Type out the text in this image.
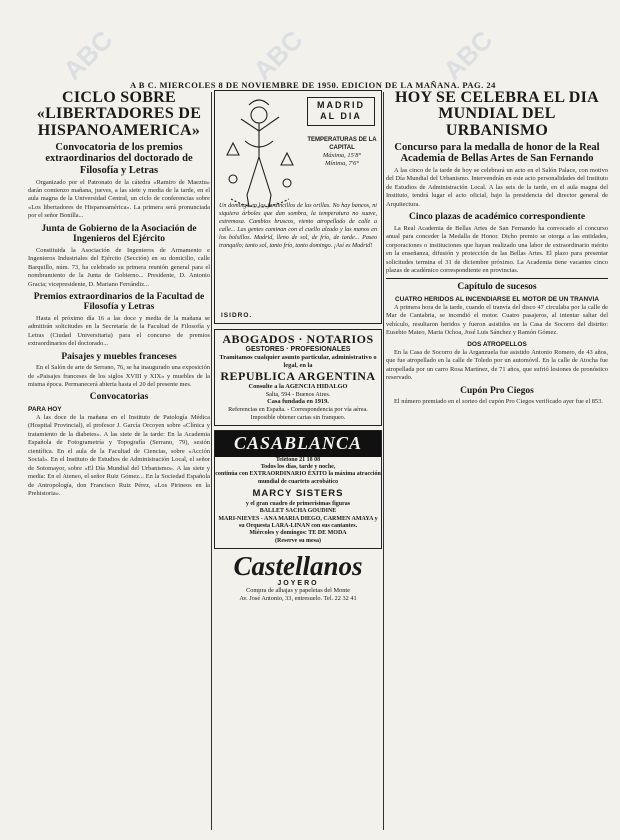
ABC	ABC	ABC
A B C. MIERCOLES 8 DE NOVIEMBRE DE 1950. EDICION DE LA MAÑANA. PAG. 24
CICLO SOBRE «LIBERTADORES DE HISPANOAMERICA»
Convocatoria de los premios extraordinarios del doctorado de Filosofía y Letras

Organizado por el Patronato de la cátedra «Ramiro de Maeztu» darán comienzo mañana, jueves, a las siete y media de la tarde, en el aula magna de la Universidad Central, un ciclo de conferencias sobre «Los libertadores de Hispanoamérica». La primera será pronunciada por el señor Bonilla...

Junta de Gobierno de la Asociación de Ingenieros del Ejército

Constituida la Asociación de Ingenieros de Armamento e Ingenieros Industriales del Ejército (Sección) en su domicilio, calle Barquillo, núm. 73, ha celebrado su primera reunión general para el nombramiento de la Junta de Gobierno... Presidente, D. Antonio Gracia; vicepresidente, D. Mariano Ferrándiz...

Premios extraordinarios de la Facultad de Filosofía y Letras

Hasta el próximo día 16 a las doce y media de la mañana se admitirán solicitudes en la Secretaría de la Facultad de Filosofía y Letras (Ciudad Universitaria) para el concurso de premios extraordinarios del doctorado...

Paisajes y muebles franceses

En el Salón de arte de Serrano, 76, se ha inaugurado una exposición de «Paisajes franceses de los siglos XVIII y XIX» y muebles de la misma época. Permanecerá abierta hasta el 20 del presente mes.

Convocatorias
PARA HOY

A las doce de la mañana en el Instituto de Patología Médica (Hospital Provincial), el profesor J. García Orcoyen sobre «Clínica y tratamiento de la diabetes». A las siete de la tarde: En la Academia Española de Fotogrametría y Topografía (Serrano, 79), sesión científica. En el aula de la Facultad de Ciencias, sobre «Acción Social». En el Instituto de Estudios de Administración Local, el señor de Sotomayor, sobre «El Día Mundial del Urbanismo». A las siete y media: En el Ateneo, el señor Ruiz Gómez... En la Sociedad Española de Antropología, don Francisco Ruiz Pérez, «Los Pirineos en la Prehistoria».

MADRID
AL DIA
TEMPERATURAS DE LA CAPITAL
Máxima, 15'8°
Mínima, 7'6°
Un domingo en los jardincillos de las orillas. No hay bancos, ni siquiera árboles que dan sombra, la temperatura no suave, extremosa. Cambios bruscos, viento atropellado de calle a calle... Las gentes caminan con el cuello alzado y las manos en los bolsillos. Madrid, lleno de sol, de frío, de tarde... Paseo tranquilo; tanto sol, tanto frío, tanto domingo. ¡Así es Madrid!
ISIDRO.
ABOGADOS · NOTARIOS
GESTORES · PROFESIONALES
Tramitamos cualquier asunto particular, administrativo o legal, en la
REPUBLICA ARGENTINA
Consulte a la AGENCIA HIDALGO
Salta, 594 - Buenos Aires.
Casa fundada en 1919.
Referencias en España. - Correspondencia por vía aérea.
Imposible obtener cartas sin franqueo.
CASABLANCA
Teléfono 21 18 08
Todos los días, tarde y noche,
continúa con EXTRAORDINARIO ÉXITO la máxima atracción mundial de cuarteto acrobático
MARCY SISTERS
y el gran cuadro de primerísimas figuras
BALLET SACHA GOUDINE
MARI-NIEVES - ANA MARIA DIEGO, CARMEN AMAYA y su Orquesta LARA-LINAN con sus cantantes.
Miércoles y domingos: TE DE MODA
(Reserve su mesa)
Castellanos
JOYERO
Compra de alhajas y papeletas del Monte
Av. José Antonio, 33, entresuelo. Tel. 22 32 41
HOY SE CELEBRA EL DIA MUNDIAL DEL URBANISMO
Concurso para la medalla de honor de la Real Academia de Bellas Artes de San Fernando

A las cinco de la tarde de hoy se celebrará un acto en el Salón Palace, con motivo del Día Mundial del Urbanismo. Intervendrán en este acto personalidades del Instituto de Estudios de Administración Local. A las seis de la tarde, en el aula magna del Instituto, tendrá lugar el acto oficial, bajo la presidencia del director general de Arquitectura.

Cinco plazas de académico correspondiente

La Real Academia de Bellas Artes de San Fernando ha convocado el concurso anual para conceder la Medalla de Honor. Dicho premio se otorga a las entidades, corporaciones o instituciones que hayan realizado una labor de extraordinario mérito en la enseñanza, difusión y protección de las Bellas Artes. El plazo para presentar solicitudes termina el 31 de diciembre próximo. La Academia tiene vacantes cinco plazas de académico correspondiente en provincias.

Capítulo de sucesos
CUATRO HERIDOS AL INCENDIARSE EL MOTOR DE UN TRANVIA

A primera hora de la tarde, cuando el tranvía del disco 47 circulaba por la calle de Mar de Cantabria, se incendió el motor. Cuatro pasajeros, al intentar saltar del vehículo, resultaron heridos y fueron asistidos en la Casa de Socorro del distrito: Eusebio Mateo, Maria Ochoa, José Luis Sánchez y Ramón Gómez.

DOS ATROPELLOS

En la Casa de Socorro de la Arganzuela fue asistido Antonio Romero, de 43 años, que fue atropellado en la calle de Toledo por un automóvil. En la calle de Atocha fue atropellada por un carro Rosa Martínez, de 71 años, que sufrió lesiones de pronóstico reservado.

Cupón Pro Ciegos

El número premiado en el sorteo del cupón Pro Ciegos verificado ayer fue el 853.
